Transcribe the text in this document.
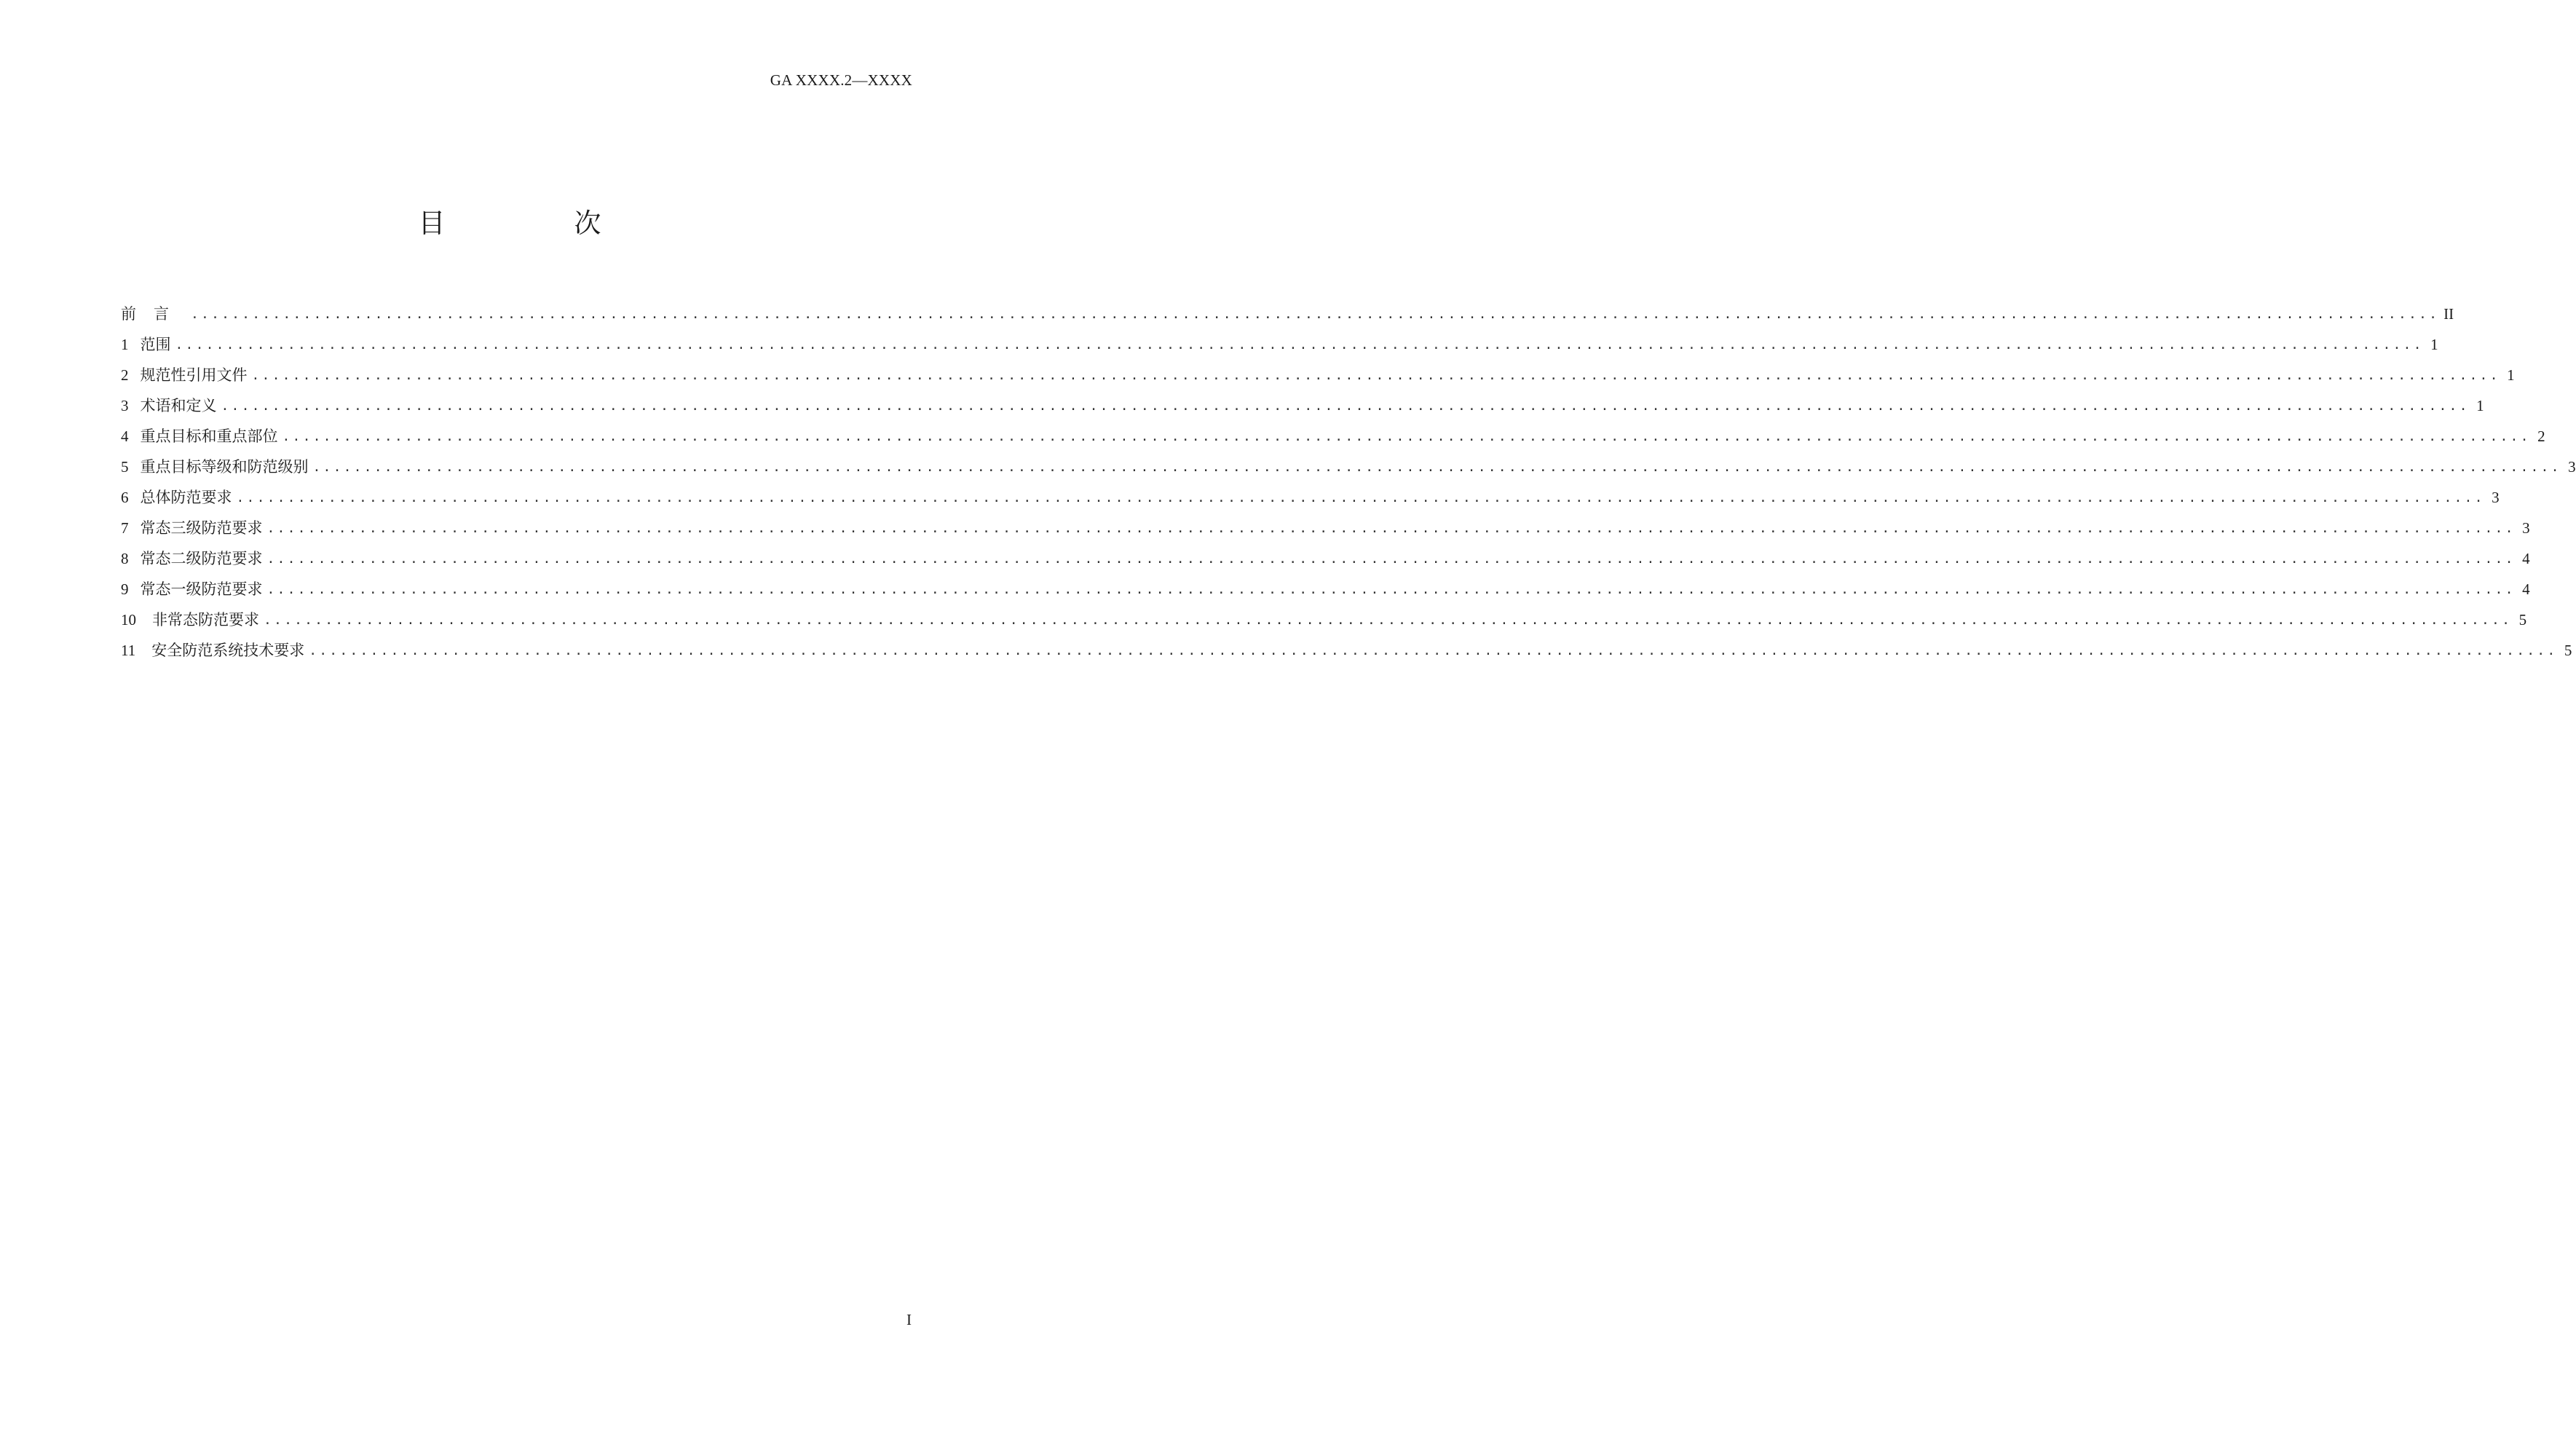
GA XXXX.2—XXXX
目　次
前言 ............................................................................................................................................................................................................................ II
1 范围 ............................................................................................................................................................................................................................ 1
2 规范性引用文件 ............................................................................................................................................................................................................................ 1
3 术语和定义 ............................................................................................................................................................................................................................ 1
4 重点目标和重点部位 ............................................................................................................................................................................................................................ 2
5 重点目标等级和防范级别 ............................................................................................................................................................................................................................ 3
6 总体防范要求 ............................................................................................................................................................................................................................ 3
7 常态三级防范要求 ............................................................................................................................................................................................................................ 3
8 常态二级防范要求 ............................................................................................................................................................................................................................ 4
9 常态一级防范要求 ............................................................................................................................................................................................................................ 4
10	非常态防范要求 ............................................................................................................................................................................................................................ 5
11	安全防范系统技术要求 ............................................................................................................................................................................................................................ 5
I
